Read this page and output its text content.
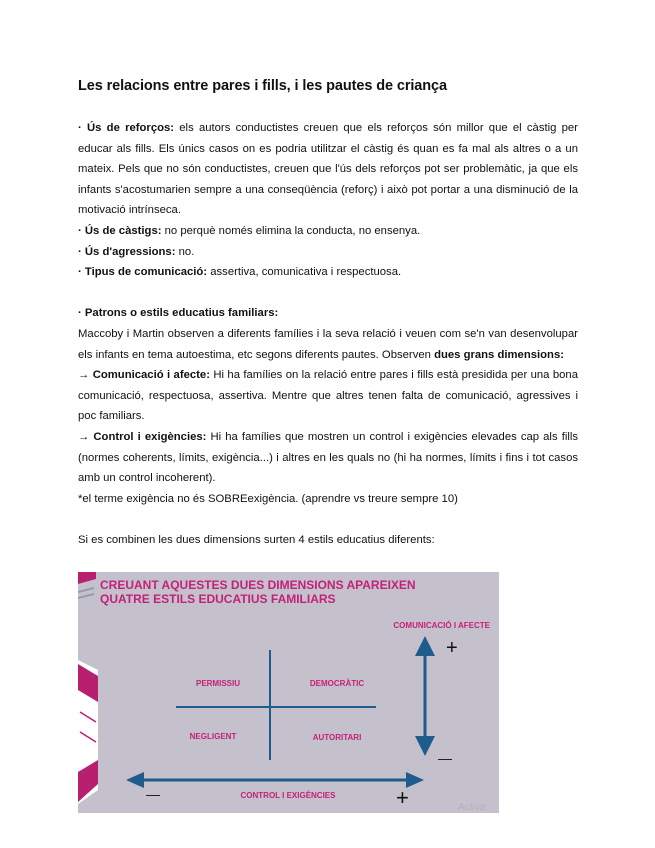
Les relacions entre pares i fills, i les pautes de criança

· Ús de reforços: els autors conductistes creuen que els reforços són millor que el càstig per educar als fills. Els únics casos on es podria utilitzar el càstig és quan es fa mal als altres o a un mateix. Pels que no són conductistes, creuen que l'ús dels reforços pot ser problemàtic, ja que els infants s'acostumarien sempre a una conseqüència (reforç) i això pot portar a una disminució de la motivació intrínseca.

· Ús de càstigs: no perquè només elimina la conducta, no ensenya.

· Ús d'agressions: no.

· Tipus de comunicació: assertiva, comunicativa i respectuosa.

· Patrons o estils educatius familiars:

Maccoby i Martin observen a diferents famílies i la seva relació i veuen com se'n van desenvolupar els infants en tema autoestima, etc segons diferents pautes. Observen dues grans dimensions:

→ Comunicació i afecte: Hi ha famílies on la relació entre pares i fills està presidida per una bona comunicació, respectuosa, assertiva. Mentre que altres tenen falta de comunicació, agressives i poc familiars.

→ Control i exigències: Hi ha famílies que mostren un control i exigències elevades cap als fills (normes coherents, límits, exigència...) i altres en les quals no (hi ha normes, límits i fins i tot casos amb un control incoherent).

*el terme exigència no és SOBREexigència. (aprendre vs treure sempre 10)

Si es combinen les dues dimensions surten 4 estils educatius diferents:

CREUANT AQUESTES DUES DIMENSIONS APAREIXEN
QUATRE ESTILS EDUCATIUS FAMILIARS
COMUNICACIÓ I AFECTE
PERMISSIU	DEMOCRÀTIC
NEGLIGENT	AUTORITARI
CONTROL I EXIGÈNCIES
+
—
—	+	Activa
